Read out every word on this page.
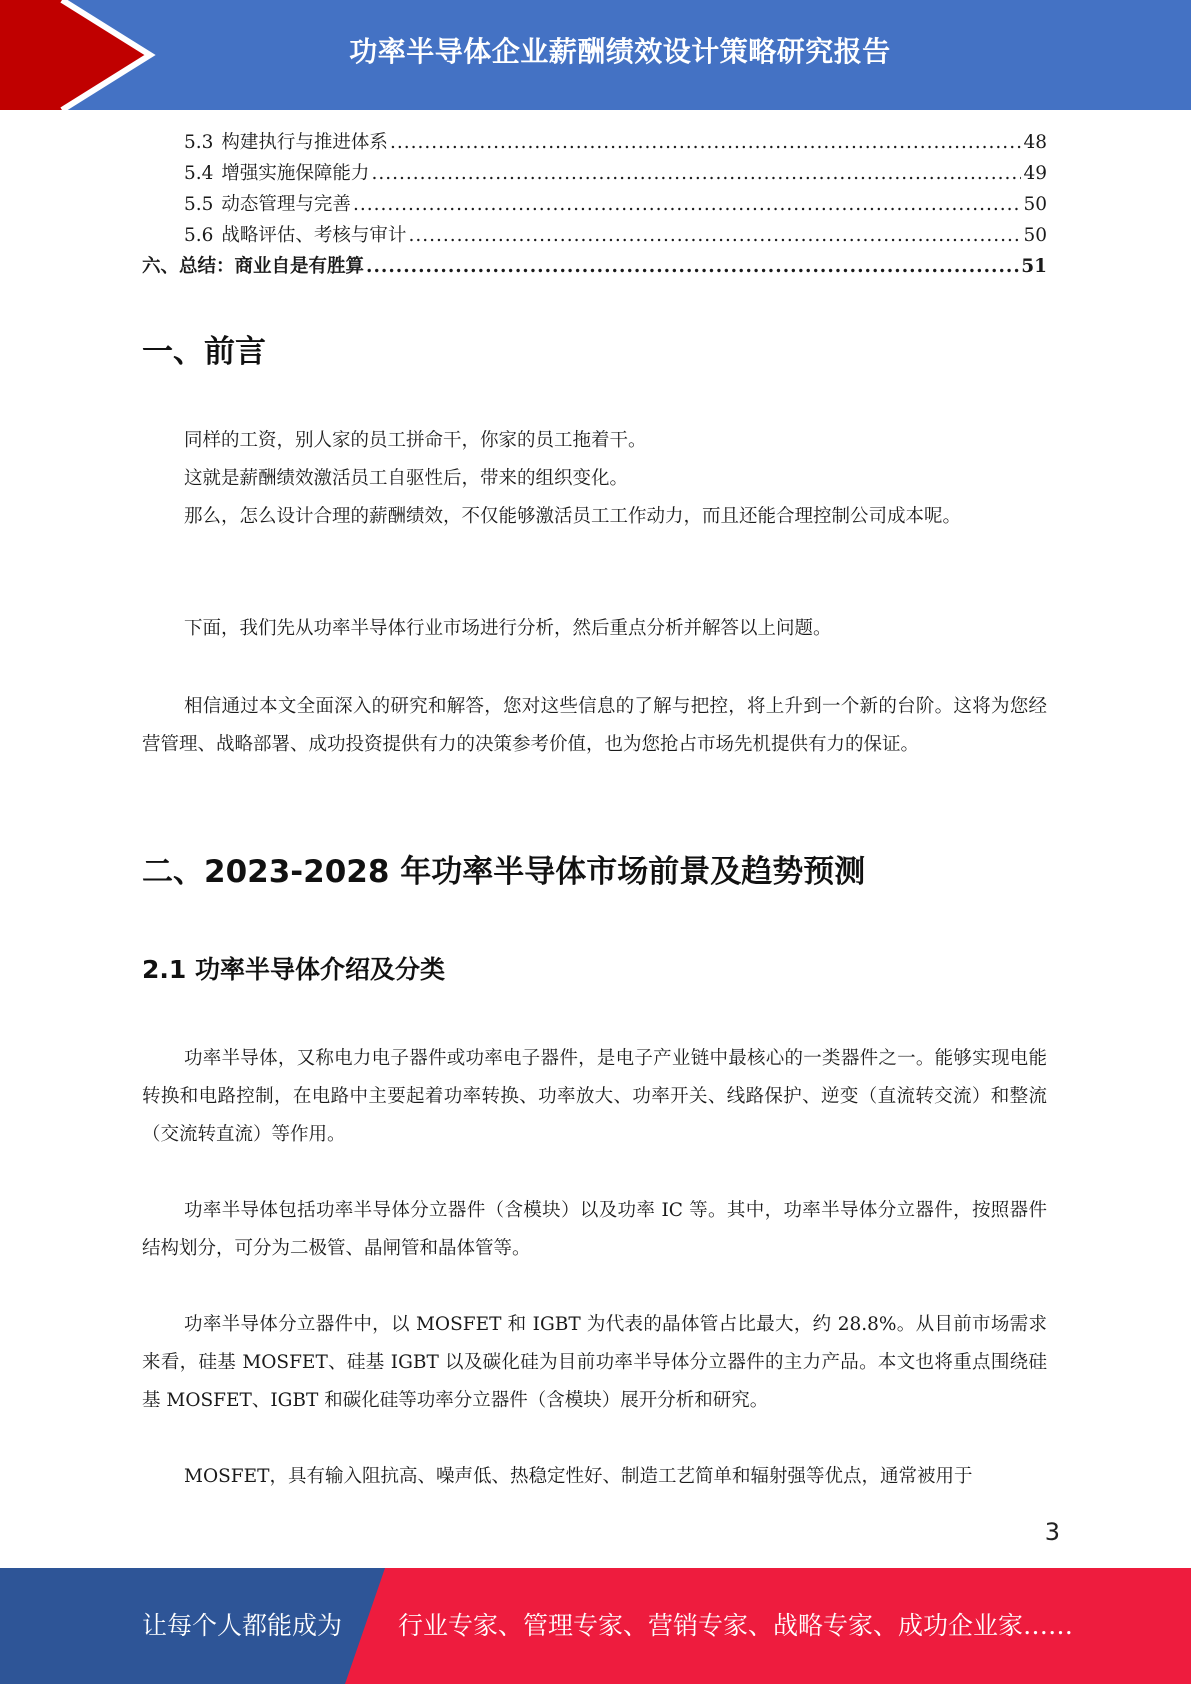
功率半导体企业薪酬绩效设计策略研究报告
5.3 构建执行与推进体系 .....	48
5.4 增强实施保障能力 .....	49
5.5 动态管理与完善 .....	50
5.6 战略评估、考核与审计 .....	50
六、总结：商业自是有胜算 .....	51
一、前言

同样的工资，别人家的员工拼命干，你家的员工拖着干。

这就是薪酬绩效激活员工自驱性后，带来的组织变化。

那么，怎么设计合理的薪酬绩效，不仅能够激活员工工作动力，而且还能合理控制公司成本呢。

下面，我们先从功率半导体行业市场进行分析，然后重点分析并解答以上问题。

相信通过本文全面深入的研究和解答，您对这些信息的了解与把控，将上升到一个新的台阶。这将为您经营管理、战略部署、成功投资提供有力的决策参考价值，也为您抢占市场先机提供有力的保证。

二、2023-2028 年功率半导体市场前景及趋势预测
2.1 功率半导体介绍及分类

功率半导体，又称电力电子器件或功率电子器件，是电子产业链中最核心的一类器件之一。能够实现电能转换和电路控制，在电路中主要起着功率转换、功率放大、功率开关、线路保护、逆变（直流转交流）和整流（交流转直流）等作用。

功率半导体包括功率半导体分立器件（含模块）以及功率 IC 等。其中，功率半导体分立器件，按照器件结构划分，可分为二极管、晶闸管和晶体管等。

功率半导体分立器件中，以 MOSFET 和 IGBT 为代表的晶体管占比最大，约 28.8%。从目前市场需求来看，硅基 MOSFET、硅基 IGBT 以及碳化硅为目前功率半导体分立器件的主力产品。本文也将重点围绕硅基 MOSFET、IGBT 和碳化硅等功率分立器件（含模块）展开分析和研究。

MOSFET，具有输入阻抗高、噪声低、热稳定性好、制造工艺简单和辐射强等优点，通常被用于

3
让每个人都能成为 行业专家、管理专家、营销专家、战略专家、成功企业家……
